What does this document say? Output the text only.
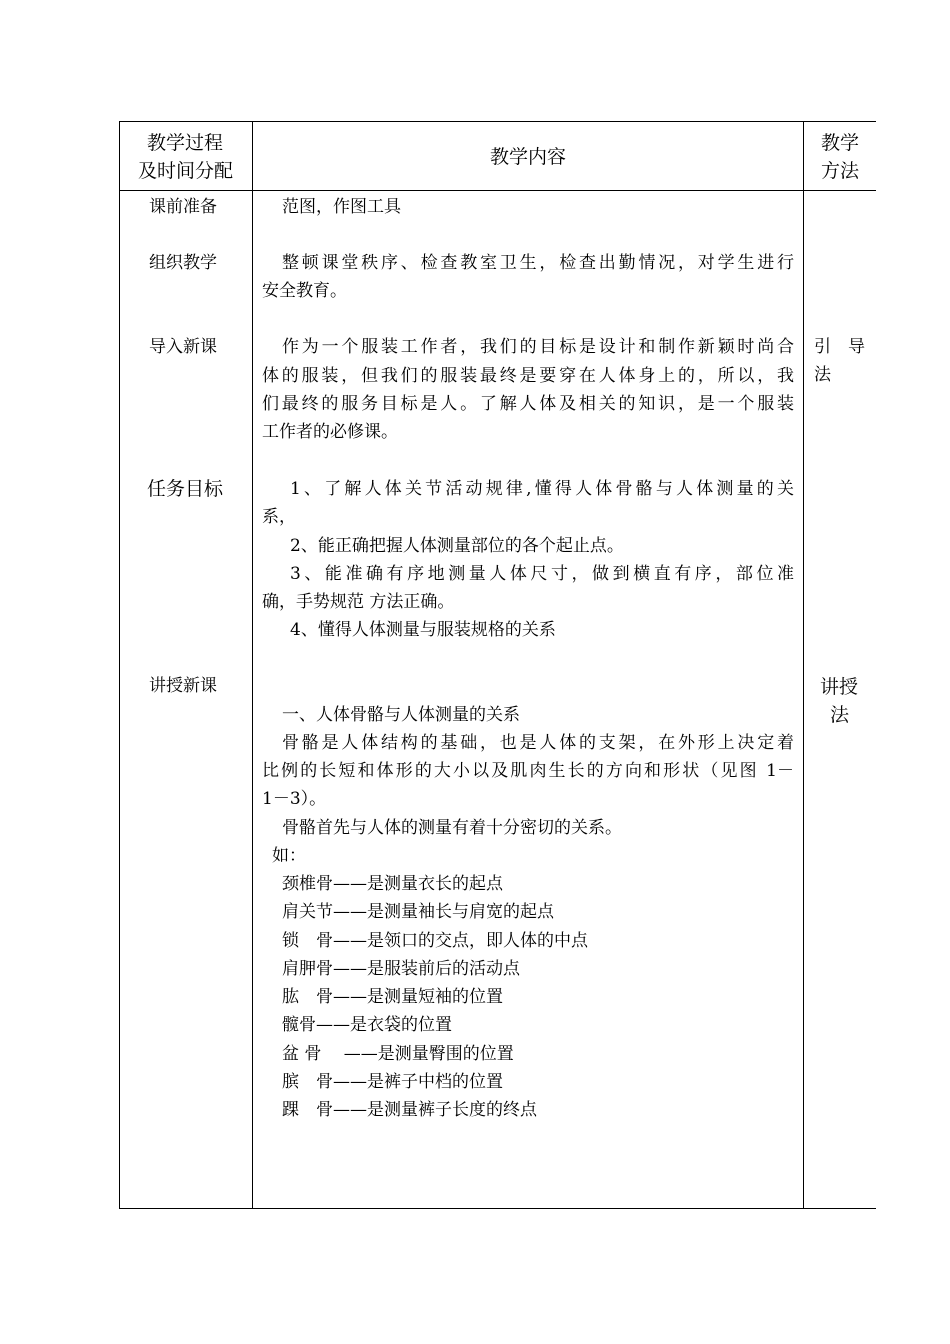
教学过程
及时间分配
教学内容
教学
方法
课前准备
组织教学
导入新课
任务目标
讲授新课
引　导
法
讲授
法
范图，作图工具
整顿课堂秩序、检查教室卫生，检查出勤情况，对学生进行
安全教育。
作为一个服装工作者，我们的目标是设计和制作新颖时尚合
体的服装，但我们的服装最终是要穿在人体身上的，所以，我
们最终的服务目标是人。了解人体及相关的知识，是一个服装
工作者的必修课。
1、了解人体关节活动规律,懂得人体骨骼与人体测量的关
系，
2、能正确把握人体测量部位的各个起止点。
3、能准确有序地测量人体尺寸，做到横直有序，部位准
确，手势规范 方法正确。
4、懂得人体测量与服装规格的关系
一、人体骨骼与人体测量的关系
骨骼是人体结构的基础，也是人体的支架，在外形上决定着
比例的长短和体形的大小以及肌肉生长的方向和形状（见图 1－
1－3）。
骨骼首先与人体的测量有着十分密切的关系。
如：
颈椎骨——是测量衣长的起点
肩关节——是测量袖长与肩宽的起点
锁　骨——是领口的交点，即人体的中点
肩胛骨——是服装前后的活动点
肱　骨——是测量短袖的位置
髋骨——是衣袋的位置
盆 骨　 ——是测量臀围的位置
膑　骨——是裤子中档的位置
踝　骨——是测量裤子长度的终点
